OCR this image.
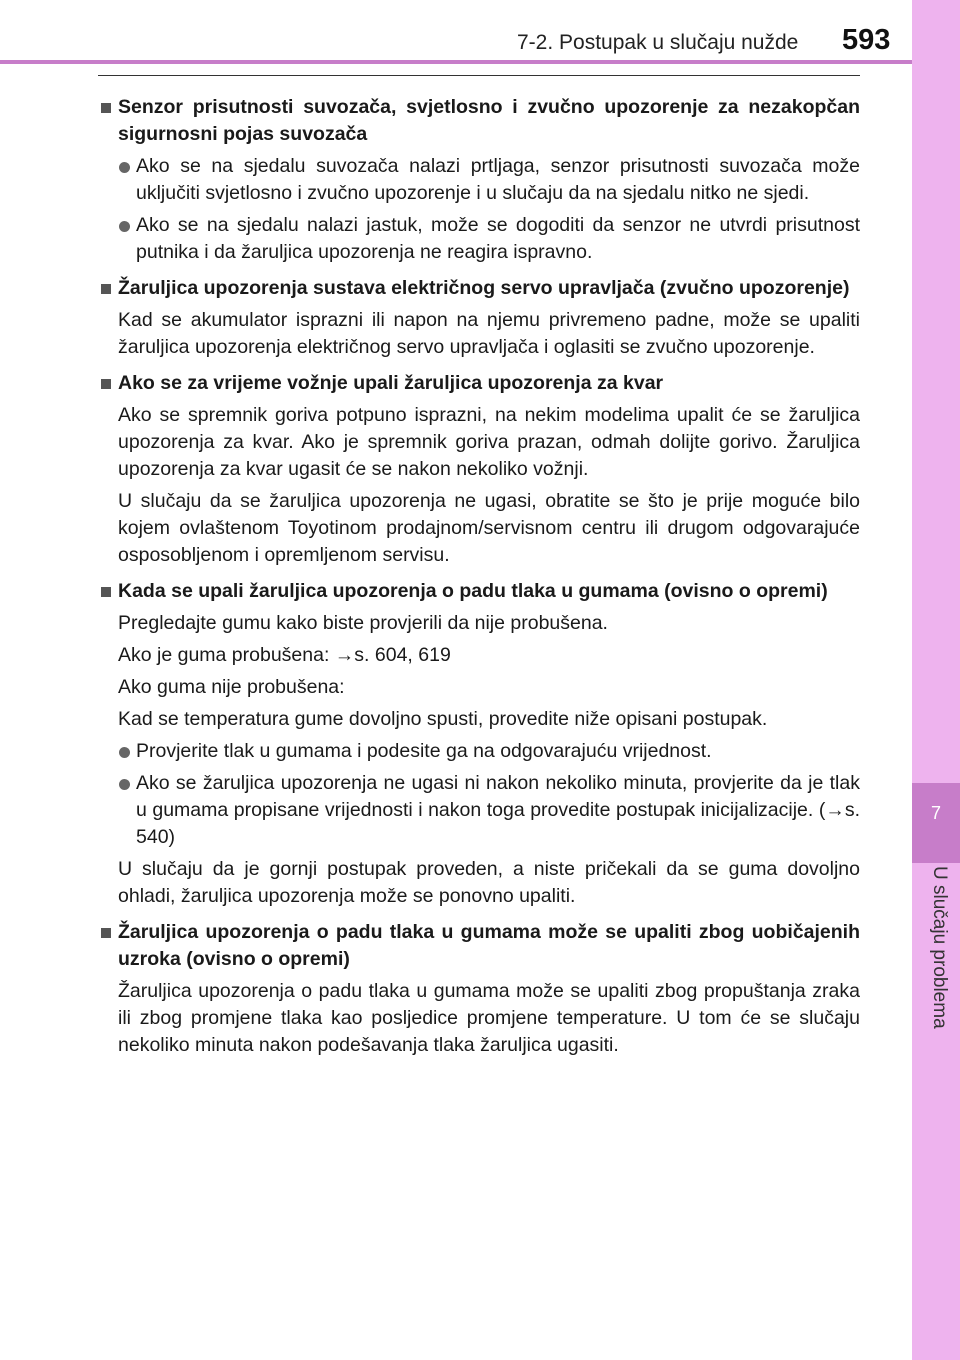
7-2. Postupak u slučaju nužde 593
7
U slučaju problema
Senzor prisutnosti suvozača, svjetlosno i zvučno upozorenje za nezakopčan sigurnosni pojas suvozača
Ako se na sjedalu suvozača nalazi prtljaga, senzor prisutnosti suvozača može uključiti svjetlosno i zvučno upozorenje i u slučaju da na sjedalu nitko ne sjedi.
Ako se na sjedalu nalazi jastuk, može se dogoditi da senzor ne utvrdi prisutnost putnika i da žaruljica upozorenja ne reagira ispravno.
Žaruljica upozorenja sustava električnog servo upravljača (zvučno upozorenje)
Kad se akumulator isprazni ili napon na njemu privremeno padne, može se upaliti žaruljica upozorenja električnog servo upravljača i oglasiti se zvučno upozorenje.
Ako se za vrijeme vožnje upali žaruljica upozorenja za kvar
Ako se spremnik goriva potpuno isprazni, na nekim modelima upalit će se žaruljica upozorenja za kvar. Ako je spremnik goriva prazan, odmah dolijte gorivo. Žaruljica upozorenja za kvar ugasit će se nakon nekoliko vožnji.
U slučaju da se žaruljica upozorenja ne ugasi, obratite se što je prije moguće bilo kojem ovlaštenom Toyotinom prodajnom/servisnom centru ili drugom odgovarajuće osposobljenom i opremljenom servisu.
Kada se upali žaruljica upozorenja o padu tlaka u gumama (ovisno o opremi)
Pregledajte gumu kako biste provjerili da nije probušena.
Ako je guma probušena: →s. 604, 619
Ako guma nije probušena:
Kad se temperatura gume dovoljno spusti, provedite niže opisani postupak.
Provjerite tlak u gumama i podesite ga na odgovarajuću vrijednost.
Ako se žaruljica upozorenja ne ugasi ni nakon nekoliko minuta, provjerite da je tlak u gumama propisane vrijednosti i nakon toga provedite postupak inicijalizacije. (→s. 540)
U slučaju da je gornji postupak proveden, a niste pričekali da se guma dovoljno ohladi, žaruljica upozorenja može se ponovno upaliti.
Žaruljica upozorenja o padu tlaka u gumama može se upaliti zbog uobičajenih uzroka (ovisno o opremi)
Žaruljica upozorenja o padu tlaka u gumama može se upaliti zbog propuštanja zraka ili zbog promjene tlaka kao posljedice promjene temperature. U tom će se slučaju nekoliko minuta nakon podešavanja tlaka žaruljica ugasiti.
